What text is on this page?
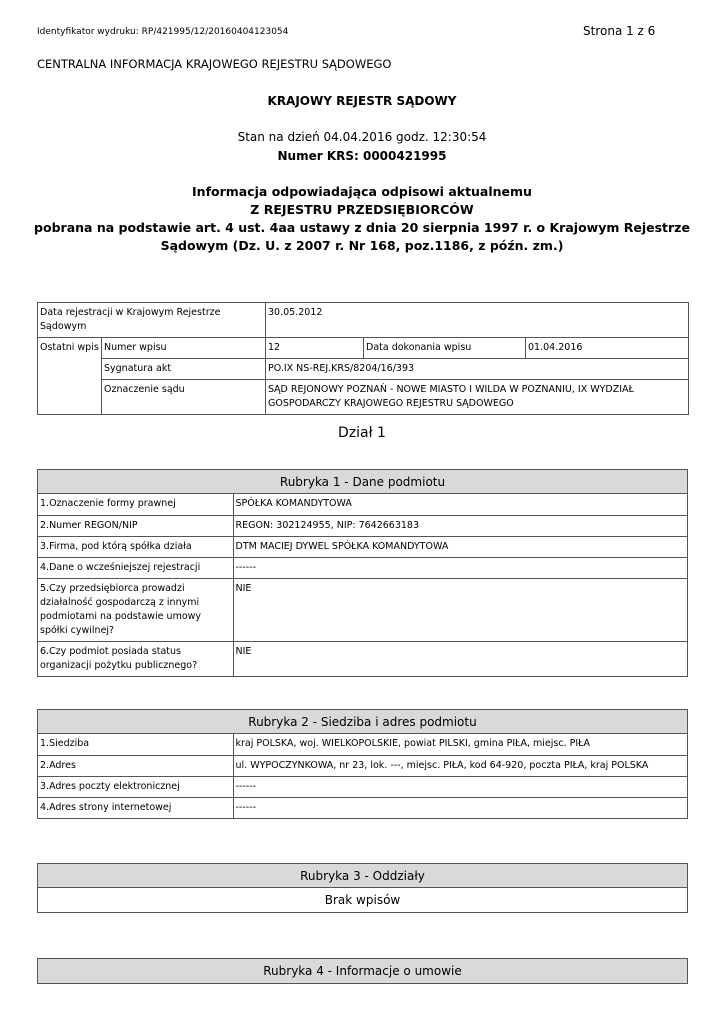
Identyfikator wydruku: RP/421995/12/20160404123054	Strona 1 z 6
CENTRALNA INFORMACJA KRAJOWEGO REJESTRU SĄDOWEGO
KRAJOWY REJESTR SĄDOWY
Stan na dzień 04.04.2016 godz. 12:30:54
Numer KRS: 0000421995
Informacja odpowiadająca odpisowi aktualnemu
Z REJESTRU PRZEDSIĘBIORCÓW
pobrana na podstawie art. 4 ust. 4aa ustawy z dnia 20 sierpnia 1997 r. o Krajowym Rejestrze
Sądowym (Dz. U. z 2007 r. Nr 168, poz.1186, z późn. zm.)
Data rejestracji w Krajowym Rejestrze Sądowym		30.05.2012		
Ostatni wpis	Numer wpisu	12	Data dokonania wpisu	01.04.2016
	Sygnatura akt	PO.IX NS-REJ.KRS/8204/16/393		
	Oznaczenie sądu	SĄD REJONOWY POZNAŃ - NOWE MIASTO I WILDA W POZNANIU, IX WYDZIAŁ GOSPODARCZY KRAJOWEGO REJESTRU SĄDOWEGO		
Dział 1
Rubryka 1 - Dane podmiotu
1.Oznaczenie formy prawnej	SPÓŁKA KOMANDYTOWA
2.Numer REGON/NIP	REGON: 302124955, NIP: 7642663183
3.Firma, pod którą spółka działa	DTM MACIEJ DYWEL SPÓŁKA KOMANDYTOWA
4.Dane o wcześniejszej rejestracji	------
5.Czy przedsiębiorca prowadzi działalność gospodarczą z innymi podmiotami na podstawie umowy spółki cywilnej?	NIE
6.Czy podmiot posiada status organizacji pożytku publicznego?	NIE
Rubryka 2 - Siedziba i adres podmiotu
1.Siedziba	kraj POLSKA, woj. WIELKOPOLSKIE, powiat PILSKI, gmina PIŁA, miejsc. PIŁA
2.Adres	ul. WYPOCZYNKOWA, nr 23, lok. ---, miejsc. PIŁA, kod 64-920, poczta PIŁA, kraj POLSKA
3.Adres poczty elektronicznej	------
4.Adres strony internetowej	------
Rubryka 3 - Oddziały
Brak wpisów
Rubryka 4 - Informacje o umowie
